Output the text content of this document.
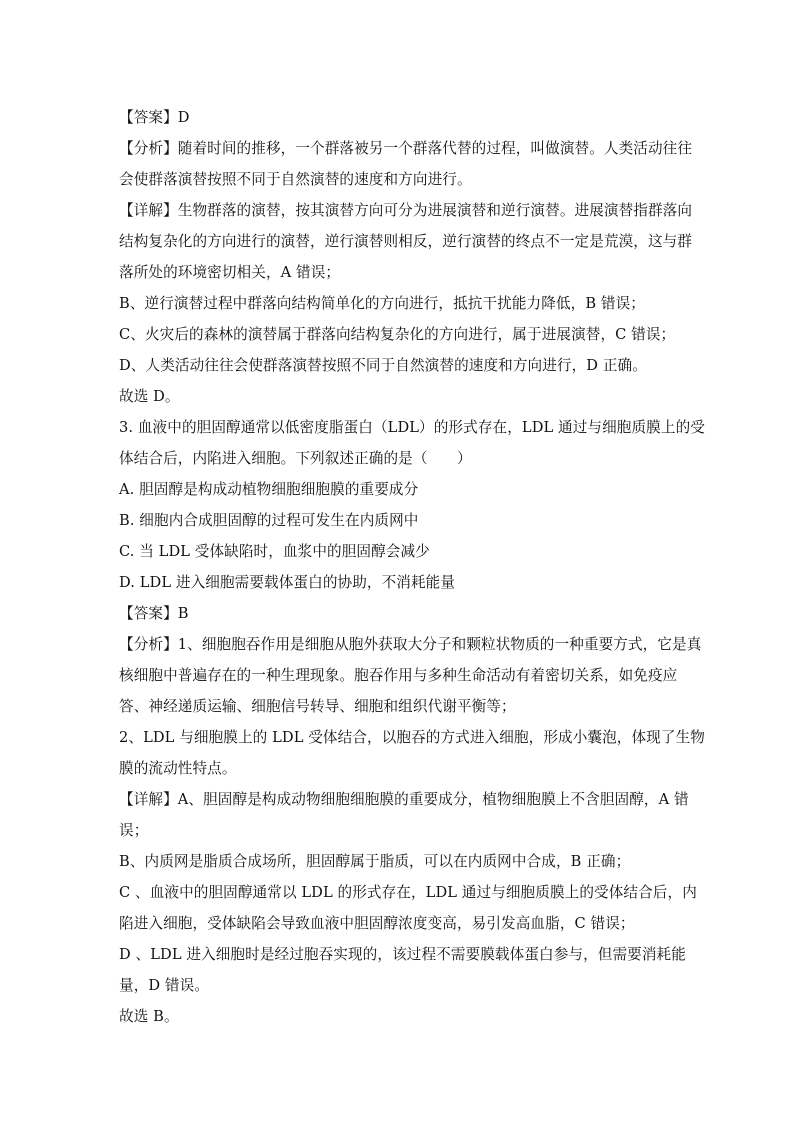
【答案】D

【分析】随着时间的推移，一个群落被另一个群落代替的过程，叫做演替。人类活动往往

会使群落演替按照不同于自然演替的速度和方向进行。

【详解】生物群落的演替，按其演替方向可分为进展演替和逆行演替。进展演替指群落向

结构复杂化的方向进行的演替，逆行演替则相反，逆行演替的终点不一定是荒漠，这与群

落所处的环境密切相关，A 错误；

B、逆行演替过程中群落向结构简单化的方向进行，抵抗干扰能力降低，B 错误；

C、火灾后的森林的演替属于群落向结构复杂化的方向进行，属于进展演替，C 错误；

D、人类活动往往会使群落演替按照不同于自然演替的速度和方向进行，D 正确。

故选 D。

3. 血液中的胆固醇通常以低密度脂蛋白（LDL）的形式存在，LDL 通过与细胞质膜上的受

体结合后，内陷进入细胞。下列叙述正确的是（　　）

A. 胆固醇是构成动植物细胞细胞膜的重要成分

B. 细胞内合成胆固醇的过程可发生在内质网中

C. 当 LDL 受体缺陷时，血浆中的胆固醇会减少

D. LDL 进入细胞需要载体蛋白的协助，不消耗能量

【答案】B

【分析】1、细胞胞吞作用是细胞从胞外获取大分子和颗粒状物质的一种重要方式，它是真

核细胞中普遍存在的一种生理现象。胞吞作用与多种生命活动有着密切关系，如免疫应

答、神经递质运输、细胞信号转导、细胞和组织代谢平衡等；

2、LDL 与细胞膜上的 LDL 受体结合，以胞吞的方式进入细胞，形成小囊泡，体现了生物

膜的流动性特点。

【详解】A、胆固醇是构成动物细胞细胞膜的重要成分，植物细胞膜上不含胆固醇，A 错

误；

B、内质网是脂质合成场所，胆固醇属于脂质，可以在内质网中合成，B 正确；

C 、血液中的胆固醇通常以 LDL 的形式存在，LDL 通过与细胞质膜上的受体结合后，内

陷进入细胞，受体缺陷会导致血液中胆固醇浓度变高，易引发高血脂，C 错误；

D 、LDL 进入细胞时是经过胞吞实现的，该过程不需要膜载体蛋白参与，但需要消耗能

量，D 错误。

故选 B。
